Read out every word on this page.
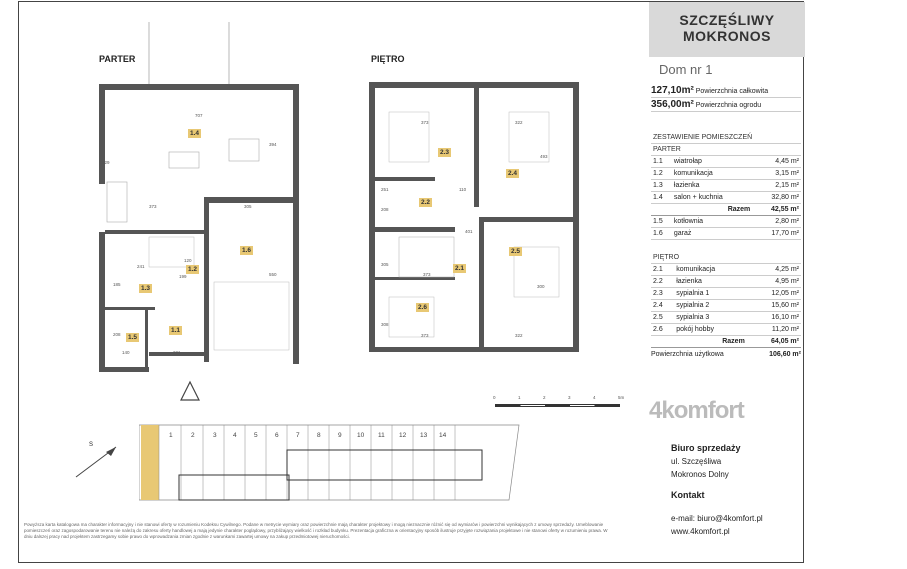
PARTER	PIĘTRO
1.4
1.6
1.2
1.3
1.5
1.1
707
373	305
329
394
120
241
199
221
140
208
185
550
2.3
2.4
2.2
2.1
2.5
2.6
373	322
251	110
373
373	322
493
401
300
305
308
208
0	1	2	3	4	5m
S
1	2	3	4	5	6	7	8	9 10 11 12 13 14
Powyższa karta katalogowa ma charakter informacyjny i nie stanowi oferty w rozumieniu Kodeksu Cywilnego. Podane w metrycie wymiary oraz powierzchnie mają charakter projektowy i mogą nieznacznie różnić się od wymiarów i powierzchni wynikających z umowy sprzedaży. Umeblowanie pomieszczeń oraz zagospodarowanie terenu nie należą do zakresu oferty handlowej a mają jedynie charakter poglądowy, przybliżający wielkość i rozkład budynku. Prezentacja graficzna w orientacyjny sposób ilustruje przyjęte rozwiązania projektowe i nie stanowi oferty w rozumieniu prawa. W dniu dalszej pracy nad projektem zastrzegamy sobie prawo do wprowadzania zmian zgodnie z warunkami zawartej umowy na zakup przedmiotowej nieruchomości.
SZCZĘŚLIWY
MOKRONOS
Dom nr 1
127,10m² Powierzchnia całkowita
356,00m² Powierzchnia ogrodu
ZESTAWIENIE POMIESZCZEŃ
PARTER
1.1	wiatrołap	4,45 m²
1.2	komunikacja	3,15 m²
1.3	łazienka	2,15 m²
1.4	salon + kuchnia	32,80 m²
	Razem	42,55 m²
1.5	kotłownia	2,80 m²
1.6	garaż	17,70 m²
PIĘTRO
2.1	komunikacja	4,25 m²
2.2	łazienka	4,95 m²
2.3	sypialnia 1	12,05 m²
2.4	sypialnia 2	15,60 m²
2.5	sypialnia 3	16,10 m²
2.6	pokój hobby	11,20 m²
	Razem	64,05 m²
Powierzchnia użytkowa	106,60 m²
4komfort
Biuro sprzedaży
ul. Szczęśliwa
Mokronos Dolny
Kontakt
e-mail: biuro@4komfort.pl
www.4komfort.pl
